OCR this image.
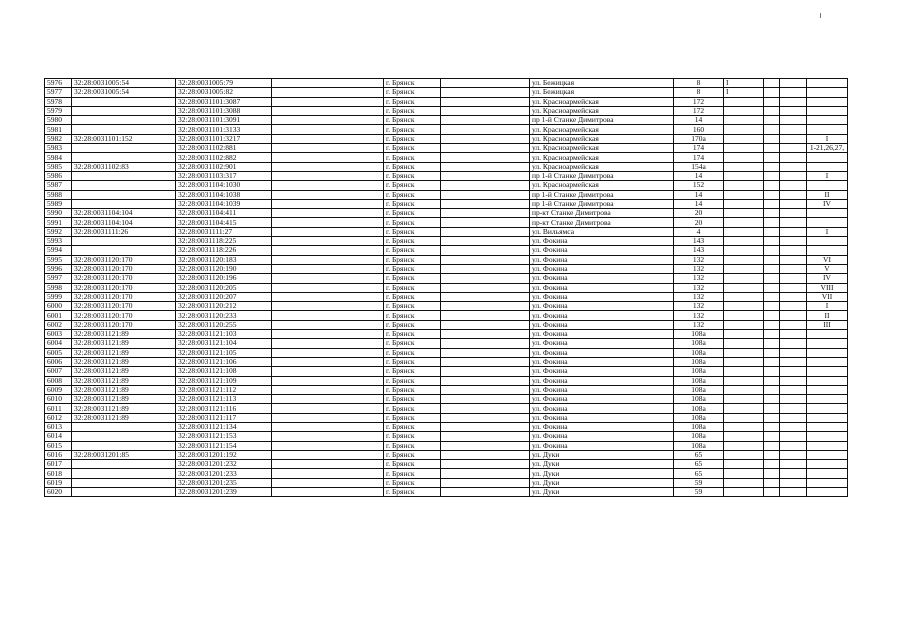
5976	32:28:0031005:54	32:28:0031005:79		г. Брянск		ул. Бежицкая	8	I			
5977	32:28:0031005:54	32:28:0031005:82		г. Брянск		ул. Бежицкая	8	I			
5978		32:28:0031101:3087		г. Брянск		ул. Красноармейская	172				
5979		32:28:0031101:3088		г. Брянск		ул. Красноармейская	172				
5980		32:28:0031101:3091		г. Брянск		пр 1-й Станке Димитрова	14				
5981		32:28:0031101:3133		г. Брянск		ул. Красноармейская	160				
5982	32:28:0031101:152	32:28:0031101:3217		г. Брянск		ул. Красноармейская	170а				I
5983		32:28:0031102:881		г. Брянск		ул. Красноармейская	174				1-21,26,27,
5984		32:28:0031102:882		г. Брянск		ул. Красноармейская	174				
5985	32:28:0031102:83	32:28:0031102:901		г. Брянск		ул. Красноармейская	154а				
5986		32:28:0031103:317		г. Брянск		пр 1-й Станке Димитрова	14				I
5987		32:28:0031104:1030		г. Брянск		ул. Красноармейская	152				
5988		32:28:0031104:1038		г. Брянск		пр 1-й Станке Димитрова	14				II
5989		32:28:0031104:1039		г. Брянск		пр 1-й Станке Димитрова	14				IV
5990	32:28:0031104:104	32:28:0031104:411		г. Брянск		пр-кт Станке Димитрова	20				
5991	32:28:0031104:104	32:28:0031104:415		г. Брянск		пр-кт Станке Димитрова	20				
5992	32:28:0031111:26	32:28:0031111:27		г. Брянск		ул. Вильямса	4				I
5993		32:28:0031118:225		г. Брянск		ул. Фокина	143				
5994		32:28:0031118:226		г. Брянск		ул. Фокина	143				
5995	32:28:0031120:170	32:28:0031120:183		г. Брянск		ул. Фокина	132				VI
5996	32:28:0031120:170	32:28:0031120:190		г. Брянск		ул. Фокина	132				V
5997	32:28:0031120:170	32:28:0031120:196		г. Брянск		ул. Фокина	132				IV
5998	32:28:0031120:170	32:28:0031120:205		г. Брянск		ул. Фокина	132				VIII
5999	32:28:0031120:170	32:28:0031120:207		г. Брянск		ул. Фокина	132				VII
6000	32:28:0031120:170	32:28:0031120:212		г. Брянск		ул. Фокина	132				I
6001	32:28:0031120:170	32:28:0031120:233		г. Брянск		ул. Фокина	132				II
6002	32:28:0031120:170	32:28:0031120:255		г. Брянск		ул. Фокина	132				III
6003	32:28:0031121:89	32:28:0031121:103		г. Брянск		ул. Фокина	108а				
6004	32:28:0031121:89	32:28:0031121:104		г. Брянск		ул. Фокина	108а				
6005	32:28:0031121:89	32:28:0031121:105		г. Брянск		ул. Фокина	108а				
6006	32:28:0031121:89	32:28:0031121:106		г. Брянск		ул. Фокина	108а				
6007	32:28:0031121:89	32:28:0031121:108		г. Брянск		ул. Фокина	108а				
6008	32:28:0031121:89	32:28:0031121:109		г. Брянск		ул. Фокина	108а				
6009	32:28:0031121:89	32:28:0031121:112		г. Брянск		ул. Фокина	108а				
6010	32:28:0031121:89	32:28:0031121:113		г. Брянск		ул. Фокина	108а				
6011	32:28:0031121:89	32:28:0031121:116		г. Брянск		ул. Фокина	108а				
6012	32:28:0031121:89	32:28:0031121:117		г. Брянск		ул. Фокина	108а				
6013		32:28:0031121:134		г. Брянск		ул. Фокина	108а				
6014		32:28:0031121:153		г. Брянск		ул. Фокина	108а				
6015		32:28:0031121:154		г. Брянск		ул. Фокина	108а				
6016	32:28:0031201:85	32:28:0031201:192		г. Брянск		ул. Дуки	65				
6017		32:28:0031201:232		г. Брянск		ул. Дуки	65				
6018		32:28:0031201:233		г. Брянск		ул. Дуки	65				
6019		32:28:0031201:235		г. Брянск		ул. Дуки	59				
6020		32:28:0031201:239		г. Брянск		ул. Дуки	59				
